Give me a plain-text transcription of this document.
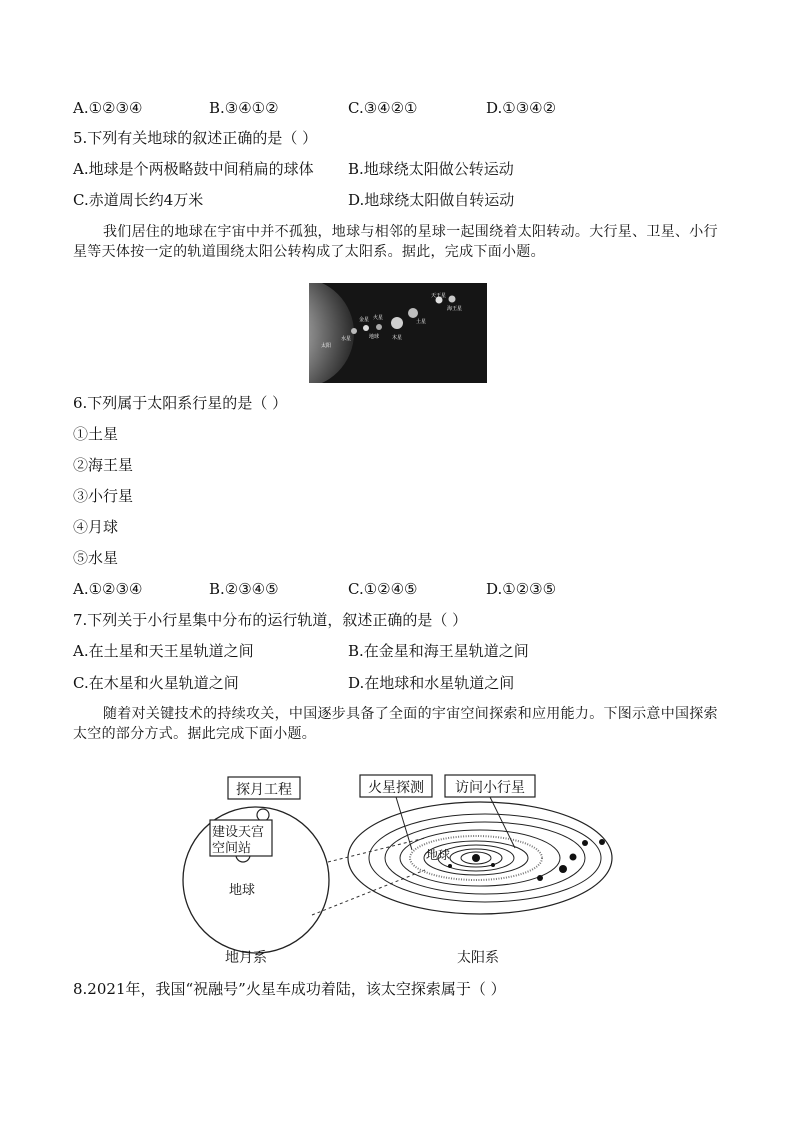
A.①②③④	B.③④①②	C.③④②①	D.①③④②
5.下列有关地球的叙述正确的是（ ）
A.地球是个两极略鼓中间稍扁的球体 B.地球绕太阳做公转运动
C.赤道周长约4万米	D.地球绕太阳做自转运动
我们居住的地球在宇宙中并不孤独，地球与相邻的星球一起围绕着太阳转动。大行星、卫星、小行星等天体按一定的轨道围绕太阳公转构成了太阳系。据此，完成下面小题。
天王星
海王星
木星
土星
金星 火星
地球
水星
太阳
6.下列属于太阳系行星的是（ ）
①土星
②海王星
③小行星
④月球
⑤水星
A.①②③④	B.②③④⑤	C.①②④⑤	D.①②③⑤
7.下列关于小行星集中分布的运行轨道，叙述正确的是（ ）
A.在土星和天王星轨道之间	B.在金星和海王星轨道之间
C.在木星和火星轨道之间	D.在地球和水星轨道之间
随着对关键技术的持续攻关，中国逐步具备了全面的宇宙空间探索和应用能力。下图示意中国探索太空的部分方式。据此完成下面小题。
探月工程
建设天宫
空间站
地球
地球
火星探测 访问小行星
地月系	太阳系
8.2021年，我国“祝融号”火星车成功着陆，该太空探索属于（ ）
